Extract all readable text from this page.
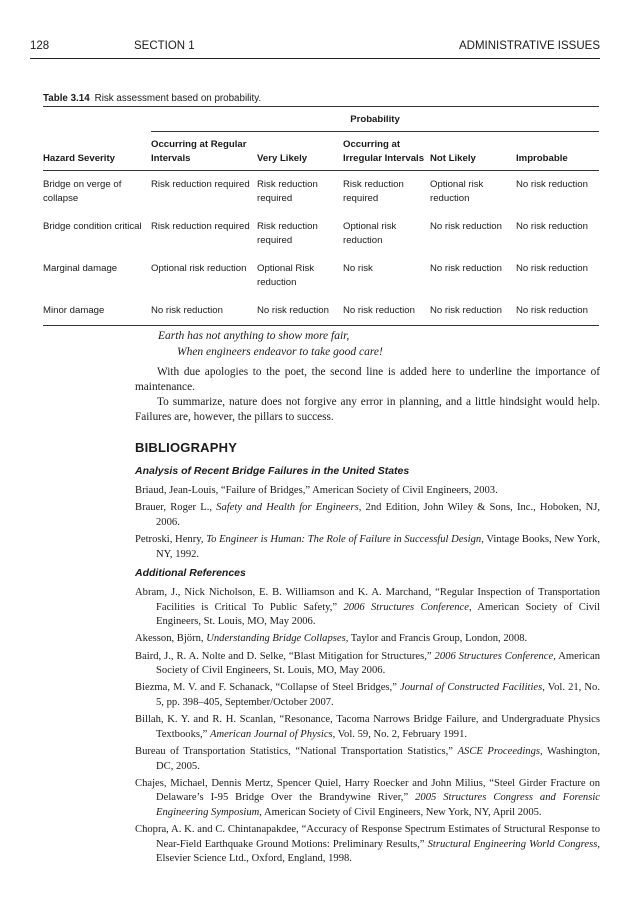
128	SECTION 1	ADMINISTRATIVE ISSUES
Table 3.14 Risk assessment based on probability.

	Probability				
Hazard Severity	Occurring at Regular Intervals	Very Likely	Occurring at Irregular Intervals	Not Likely	Improbable
Bridge on verge of collapse	Risk reduction required	Risk reduction required	Risk reduction required	Optional risk reduction	No risk reduction
Bridge condition critical	Risk reduction required	Risk reduction required	Optional risk reduction	No risk reduction	No risk reduction
Marginal damage	Optional risk reduction	Optional Risk reduction	No risk	No risk reduction	No risk reduction
Minor damage	No risk reduction	No risk reduction	No risk reduction	No risk reduction	No risk reduction
Earth has not anything to show more fair,
When engineers endeavor to take good care!

With due apologies to the poet, the second line is added here to underline the importance of maintenance.

To summarize, nature does not forgive any error in planning, and a little hindsight would help. Failures are, however, the pillars to success.

BIBLIOGRAPHY
Analysis of Recent Bridge Failures in the United States

Briaud, Jean-Louis, “Failure of Bridges,” American Society of Civil Engineers, 2003.

Brauer, Roger L., Safety and Health for Engineers, 2nd Edition, John Wiley & Sons, Inc., Hoboken, NJ, 2006.

Petroski, Henry, To Engineer is Human: The Role of Failure in Successful Design, Vintage Books, New York, NY, 1992.

Additional References

Abram, J., Nick Nicholson, E. B. Williamson and K. A. Marchand, “Regular Inspection of Transportation Facilities is Critical To Public Safety,” 2006 Structures Conference, American Society of Civil Engineers, St. Louis, MO, May 2006.

Akesson, Björn, Understanding Bridge Collapses, Taylor and Francis Group, London, 2008.

Baird, J., R. A. Nolte and D. Selke, “Blast Mitigation for Structures,” 2006 Structures Conference, American Society of Civil Engineers, St. Louis, MO, May 2006.

Biezma, M. V. and F. Schanack, “Collapse of Steel Bridges,” Journal of Constructed Facilities, Vol. 21, No. 5, pp. 398–405, September/October 2007.

Billah, K. Y. and R. H. Scanlan, “Resonance, Tacoma Narrows Bridge Failure, and Undergraduate Physics Textbooks,” American Journal of Physics, Vol. 59, No. 2, February 1991.

Bureau of Transportation Statistics, “National Transportation Statistics,” ASCE Proceedings, Washington, DC, 2005.

Chajes, Michael, Dennis Mertz, Spencer Quiel, Harry Roecker and John Milius, “Steel Girder Fracture on Delaware’s I-95 Bridge Over the Brandywine River,” 2005 Structures Congress and Forensic Engineering Symposium, American Society of Civil Engineers, New York, NY, April 2005.

Chopra, A. K. and C. Chintanapakdee, “Accuracy of Response Spectrum Estimates of Structural Response to Near-Field Earthquake Ground Motions: Preliminary Results,” Structural Engineering World Congress, Elsevier Science Ltd., Oxford, England, 1998.
